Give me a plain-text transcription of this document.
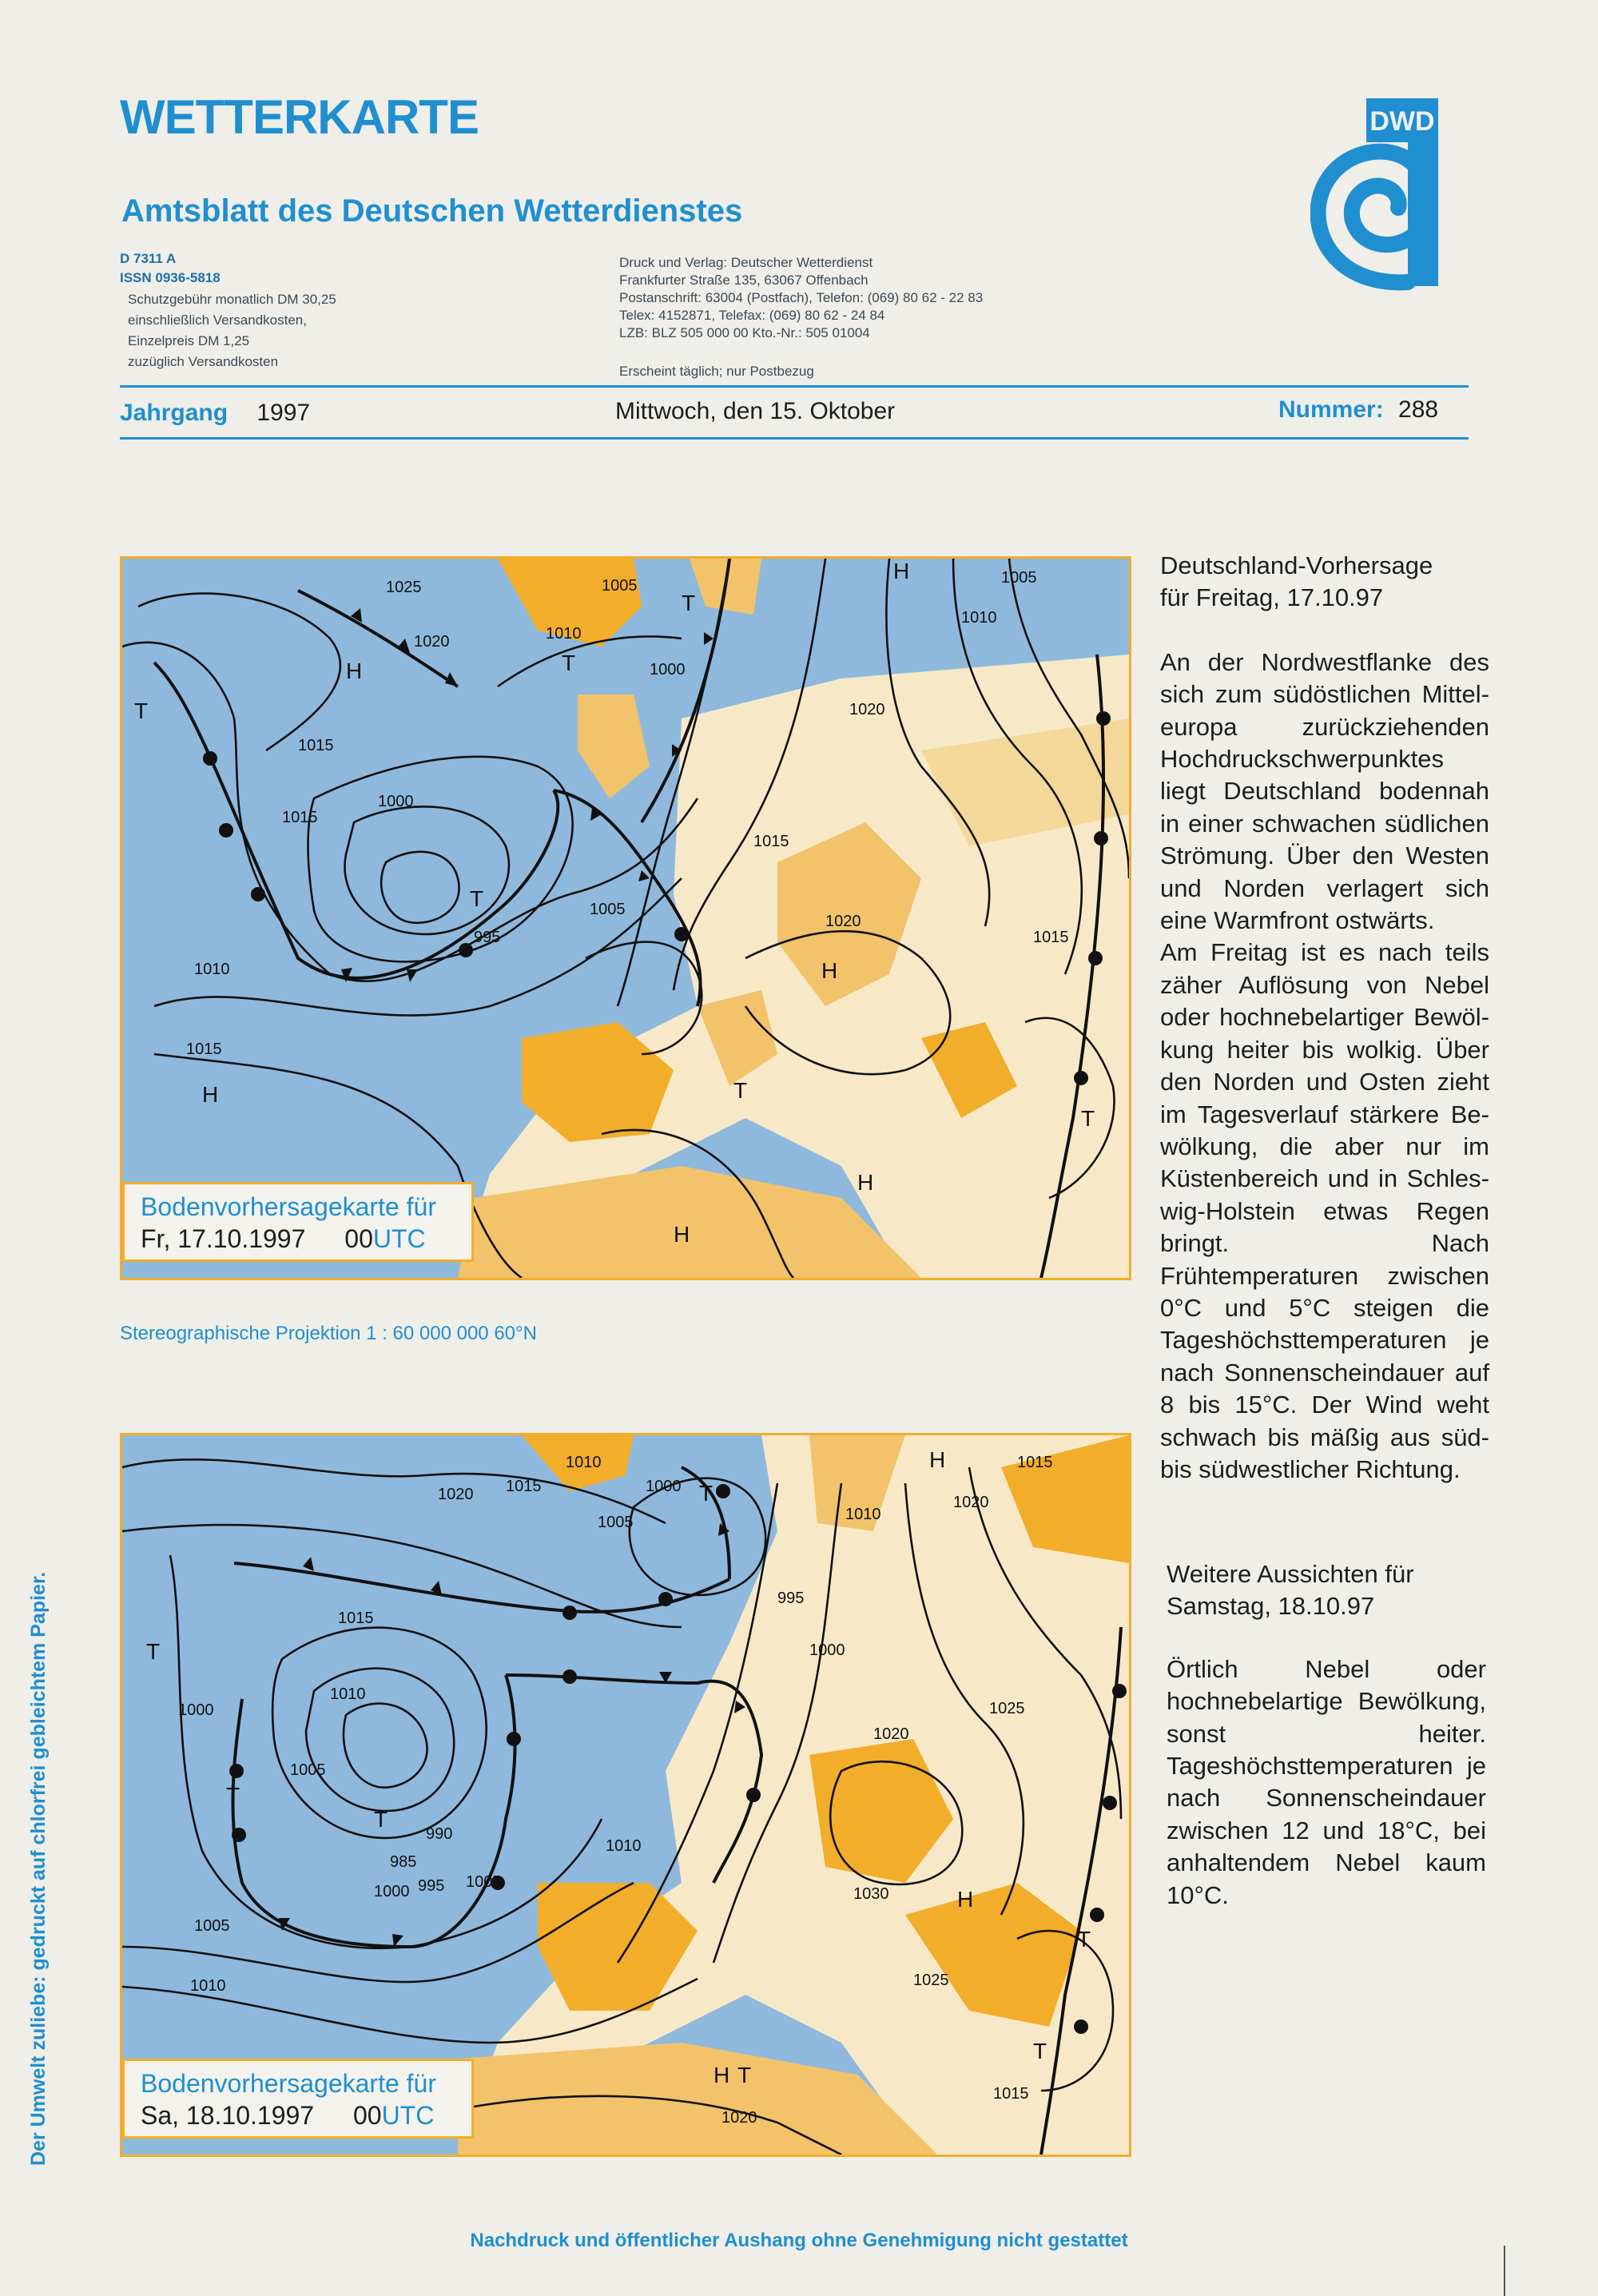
WETTERKARTE
Amtsblatt des Deutschen Wetterdienstes
D 7311 A
ISSN 0936-5818
Schutzgebühr monatlich DM 30,25
einschließlich Versandkosten,
Einzelpreis DM 1,25
zuzüglich Versandkosten
Druck und Verlag: Deutscher Wetterdienst
Frankfurter Straße 135, 63067 Offenbach
Postanschrift: 63004 (Postfach), Telefon: (069) 80 62 - 22 83
Telex: 4152871, Telefax: (069) 80 62 - 24 84
LZB: BLZ 505 000 00 Kto.-Nr.: 505 01004
Erscheint täglich; nur Postbezug
DWD
Jahrgang 1997	Mittwoch, den 15. Oktober	Nummer: 288
1025
1020
1015
1010
1005
1000
995
1020
1015
1010
1005
1000
1020
1015
1010
1015
1005
1015
H
H
T
T
T
T
H
H
T
H
H
T
Bodenvorhersagekarte für
Fr, 17.10.1997 00UTC
Stereographische Projektion 1 : 60 000 000 60°N
1020 1015
1010
1000
1005
1015
1010
1005
1000
1005
1010
985
990
995 1005
1000
1010
1020
1025
1030
1025
995
1000
1010
1020
1015
1015
1020
H
T
T
T
H
T
T
H T
T
Bodenvorhersagekarte für
Sa, 18.10.1997 00UTC
Deutschland-Vorhersage
für Freitag, 17.10.97

An der Nordwestflanke des sich zum südöstlichen Mitteleuropa zurückziehenden Hochdruckschwerpunktes liegt Deutschland bodennah in einer schwachen südlichen Strömung. Über den Westen und Norden verlagert sich eine Warmfront ostwärts.

Am Freitag ist es nach teils zäher Auflösung von Nebel oder hochnebelartiger Bewölkung heiter bis wolkig. Über den Norden und Osten zieht im Tagesverlauf stärkere Bewölkung, die aber nur im Küstenbereich und in Schleswig-Holstein etwas Regen bringt. Nach Frühtemperaturen zwischen 0°C und 5°C steigen die Tageshöchsttemperaturen je nach Sonnenscheindauer auf 8 bis 15°C. Der Wind weht schwach bis mäßig aus süd- bis südwestlicher Richtung.

Weitere Aussichten für
Samstag, 18.10.97

Örtlich Nebel oder hochnebelartige Bewölkung, sonst heiter. Tageshöchsttemperaturen je nach Sonnenscheindauer zwischen 12 und 18°C, bei anhaltendem Nebel kaum 10°C.

Der Umwelt zuliebe: gedruckt auf chlorfrei gebleichtem Papier.
Nachdruck und öffentlicher Aushang ohne Genehmigung nicht gestattet
